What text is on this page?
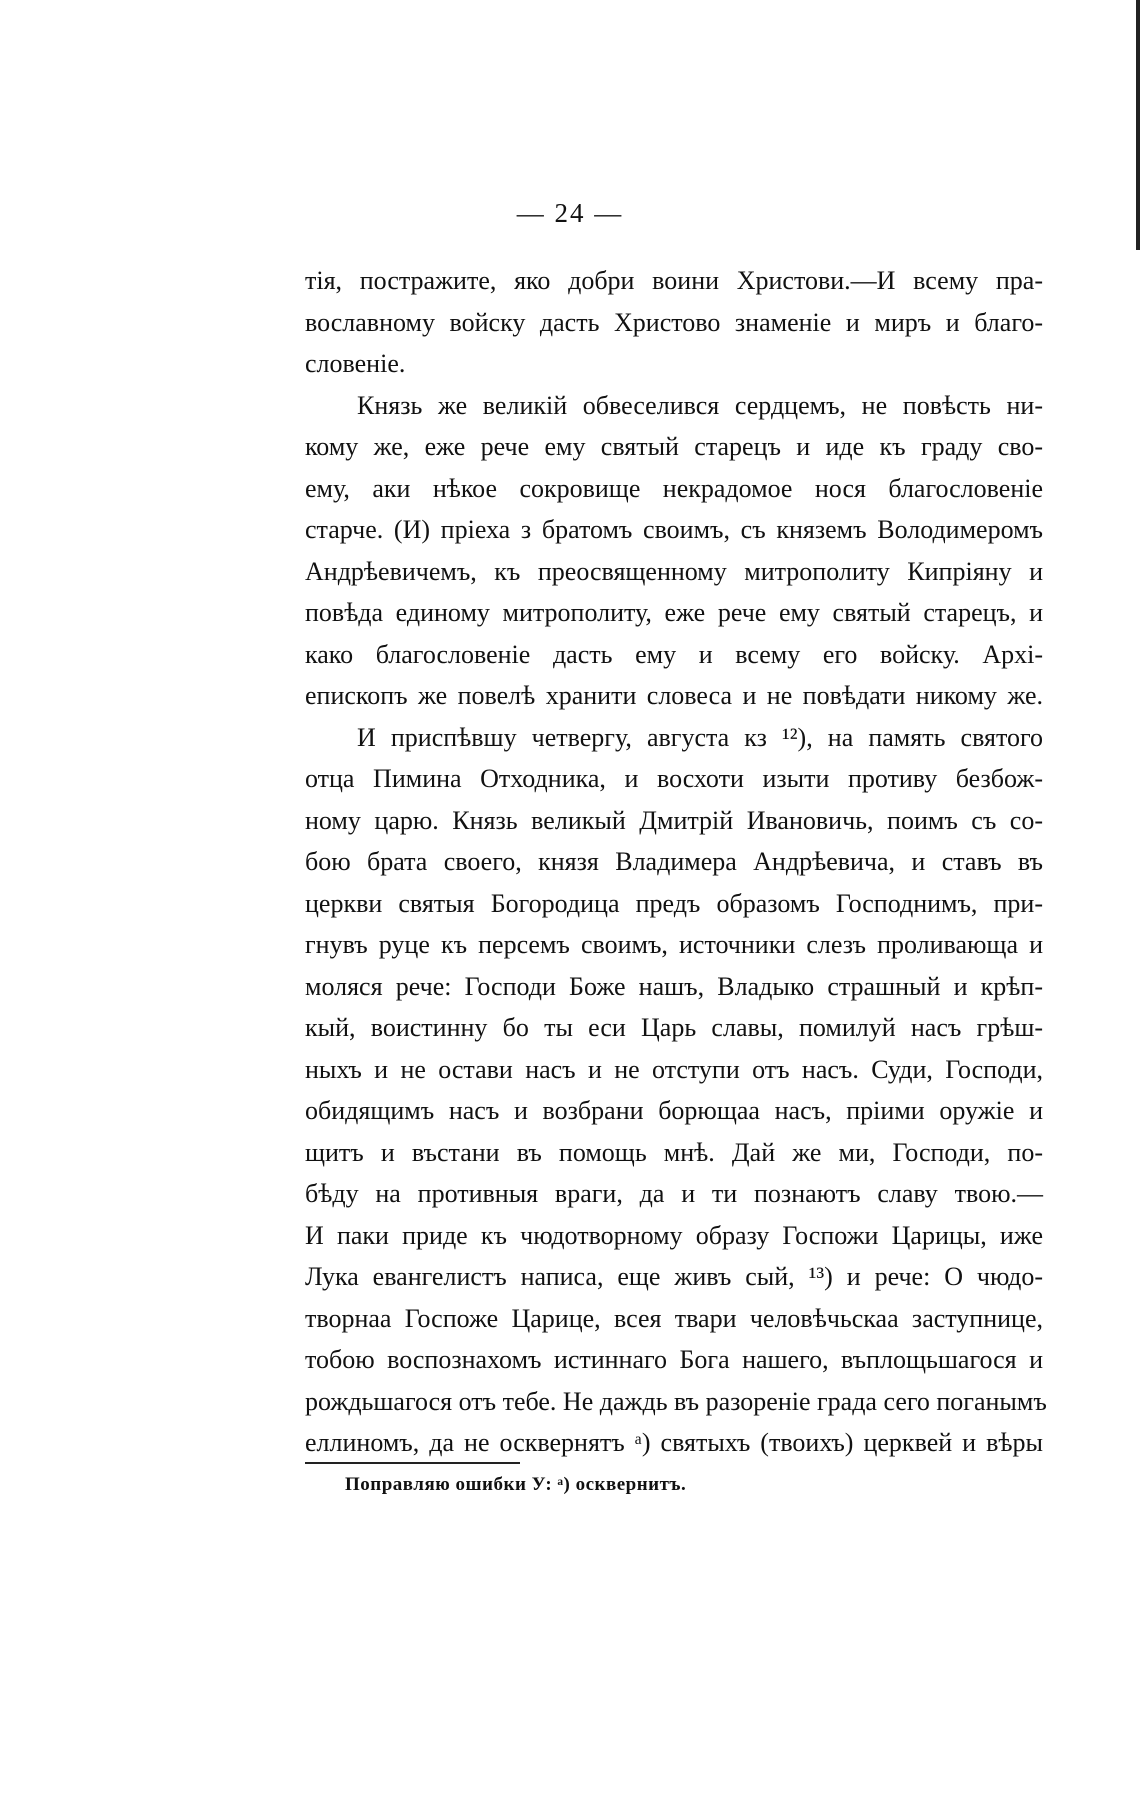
— 24 —
тія, постражите, яко добри воини Христови.—И всему пра-
вославному войску дасть Христово знаменіе и миръ и благо-
словеніе.
Князь же великій обвеселився сердцемъ, не повѣсть ни-
кому же, еже рече ему святый старецъ и иде къ граду сво-
ему, аки нѣкое сокровище некрадомое нося благословеніе
старче. (И) пріеха з братомъ своимъ, съ княземъ Володимеромъ
Андрѣевичемъ, къ преосвященному митрополиту Кипріяну и
повѣда единому митрополиту, еже рече ему святый старецъ, и
како благословеніе дасть ему и всему его войску. Архі-
епископъ же повелѣ хранити словеса и не повѣдати никому же.
И приспѣвшу четвергу, августа кз ¹²), на память святого
отца Пимина Отходника, и восхоти изыти противу безбож-
ному царю. Князь великый Дмитрій Ивановичь, поимъ съ со-
бою брата своего, князя Владимера Андрѣевича, и ставъ въ
церкви святыя Богородица предъ образомъ Господнимъ, при-
гнувъ руце къ персемъ своимъ, источники слезъ проливающа и
моляся рече: Господи Боже нашъ, Владыко страшный и крѣп-
кый, воистинну бо ты еси Царь славы, помилуй насъ грѣш-
ныхъ и не остави насъ и не отступи отъ насъ. Суди, Господи,
обидящимъ насъ и возбрани борющаа насъ, пріими оружіе и
щитъ и въстани въ помощь мнѣ. Дай же ми, Господи, по-
бѣду на противныя враги, да и ти познаютъ славу твою.—
И паки приде къ чюдотворному образу Госпожи Царицы, иже
Лука евангелистъ написа, еще живъ сый, ¹³) и рече: О чюдо-
творнаа Госпоже Царице, всея твари человѣчьскаа заступнице,
тобою воспознахомъ истиннаго Бога нашего, въплощьшагося и
рождьшагося отъ тебе. Не даждь въ разореніе града сего поганымъ
еллиномъ, да не осквернятъ ᵃ) святыхъ (твоихъ) церквей и вѣры
Поправляю ошибки У: ᵃ) осквернитъ.
